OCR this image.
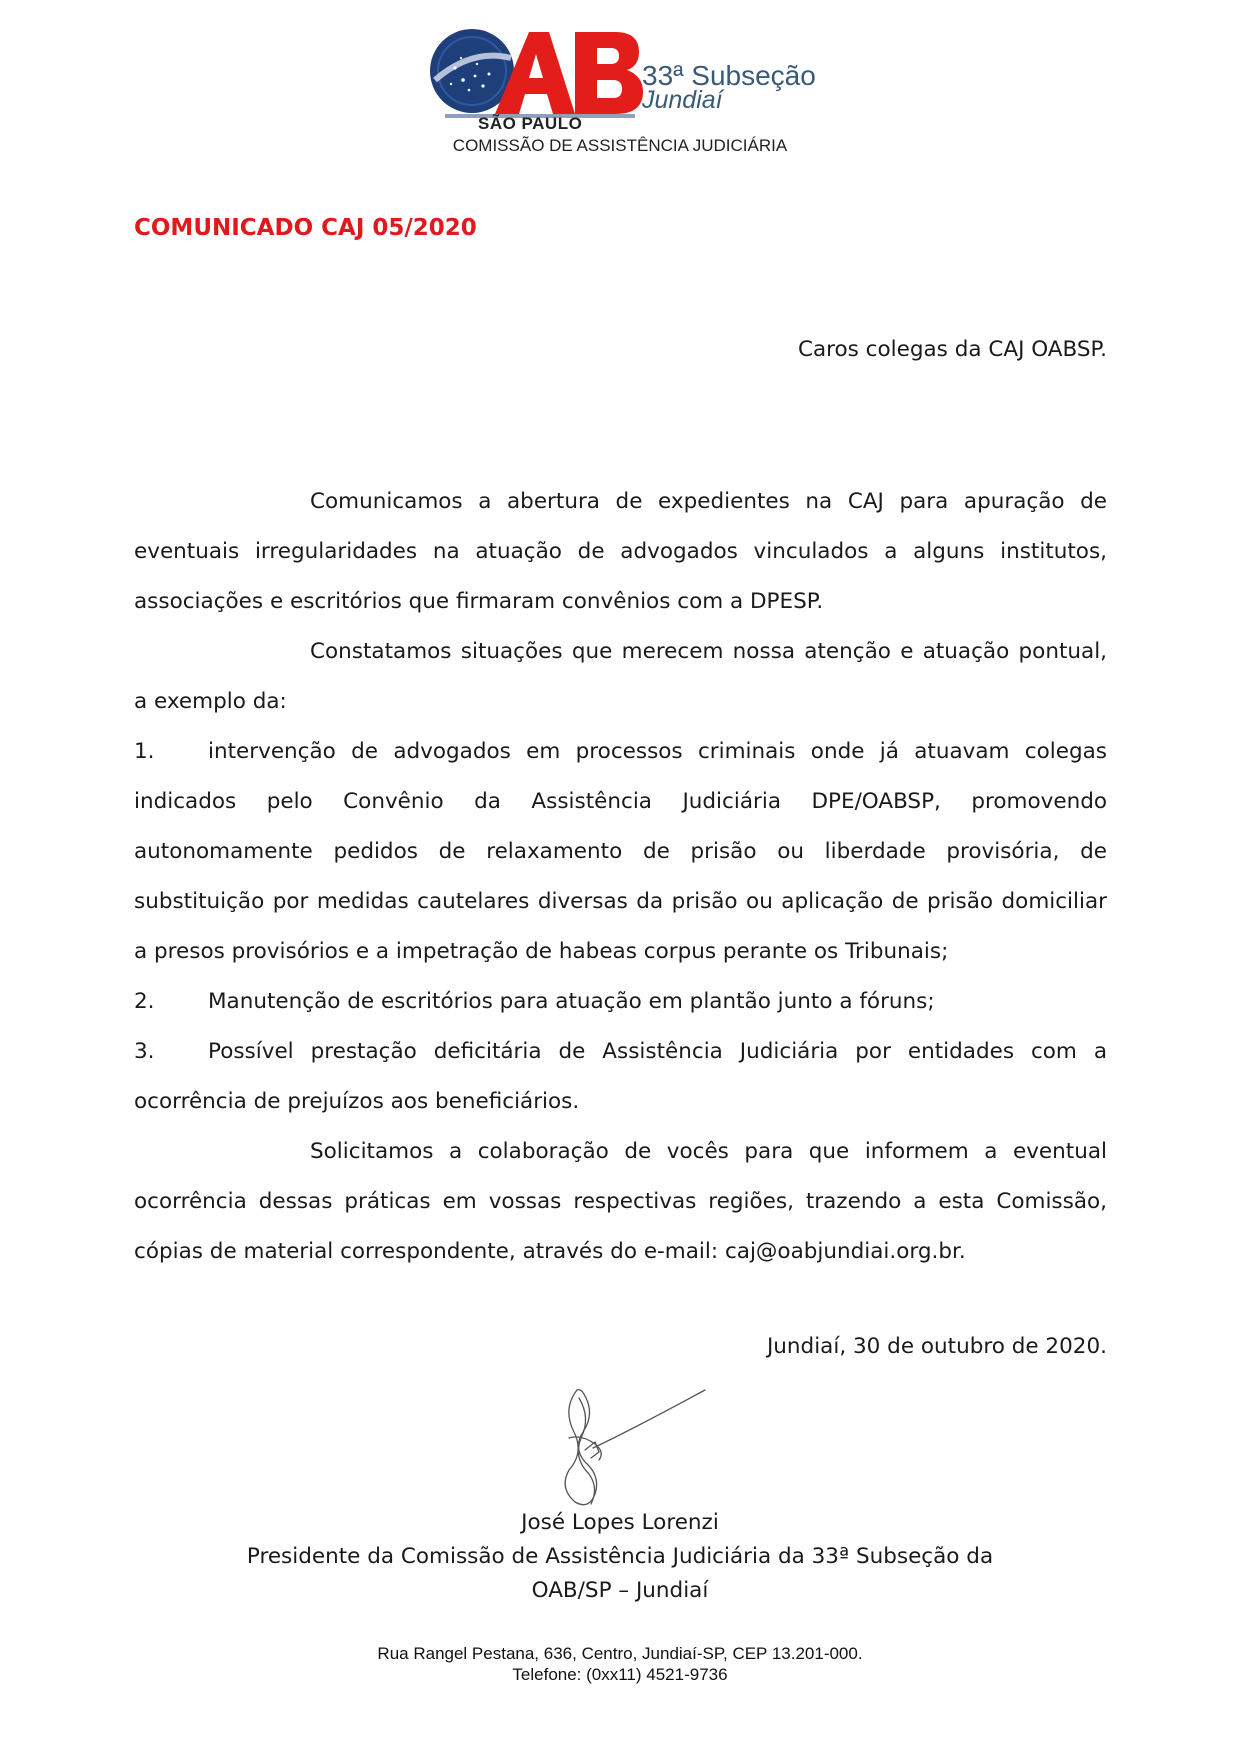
33ª Subseção
Jundiaí
SÃO PAULO
COMISSÃO DE ASSISTÊNCIA JUDICIÁRIA
COMUNICADO CAJ 05/2020
Caros colegas da CAJ OABSP.

Comunicamos a abertura de expedientes na CAJ para apuração de eventuais irregularidades na atuação de advogados vinculados a alguns institutos, associações e escritórios que firmaram convênios com a DPESP.

Constatamos situações que merecem nossa atenção e atuação pontual, a exemplo da:

1. intervenção de advogados em processos criminais onde já atuavam colegas indicados pelo Convênio da Assistência Judiciária DPE/OABSP, promovendo autonomamente pedidos de relaxamento de prisão ou liberdade provisória, de substituição por medidas cautelares diversas da prisão ou aplicação de prisão domiciliar a presos provisórios e a impetração de habeas corpus perante os Tribunais;

2. Manutenção de escritórios para atuação em plantão junto a fóruns;

3. Possível prestação deficitária de Assistência Judiciária por entidades com a ocorrência de prejuízos aos beneficiários.

Solicitamos a colaboração de vocês para que informem a eventual ocorrência dessas práticas em vossas respectivas regiões, trazendo a esta Comissão, cópias de material correspondente, através do e-mail: caj@oabjundiai.org.br.

Jundiaí, 30 de outubro de 2020.
José Lopes Lorenzi
Presidente da Comissão de Assistência Judiciária da 33ª Subseção da
OAB/SP – Jundiaí
Rua Rangel Pestana, 636, Centro, Jundiaí-SP, CEP 13.201-000.
Telefone: (0xx11) 4521-9736
